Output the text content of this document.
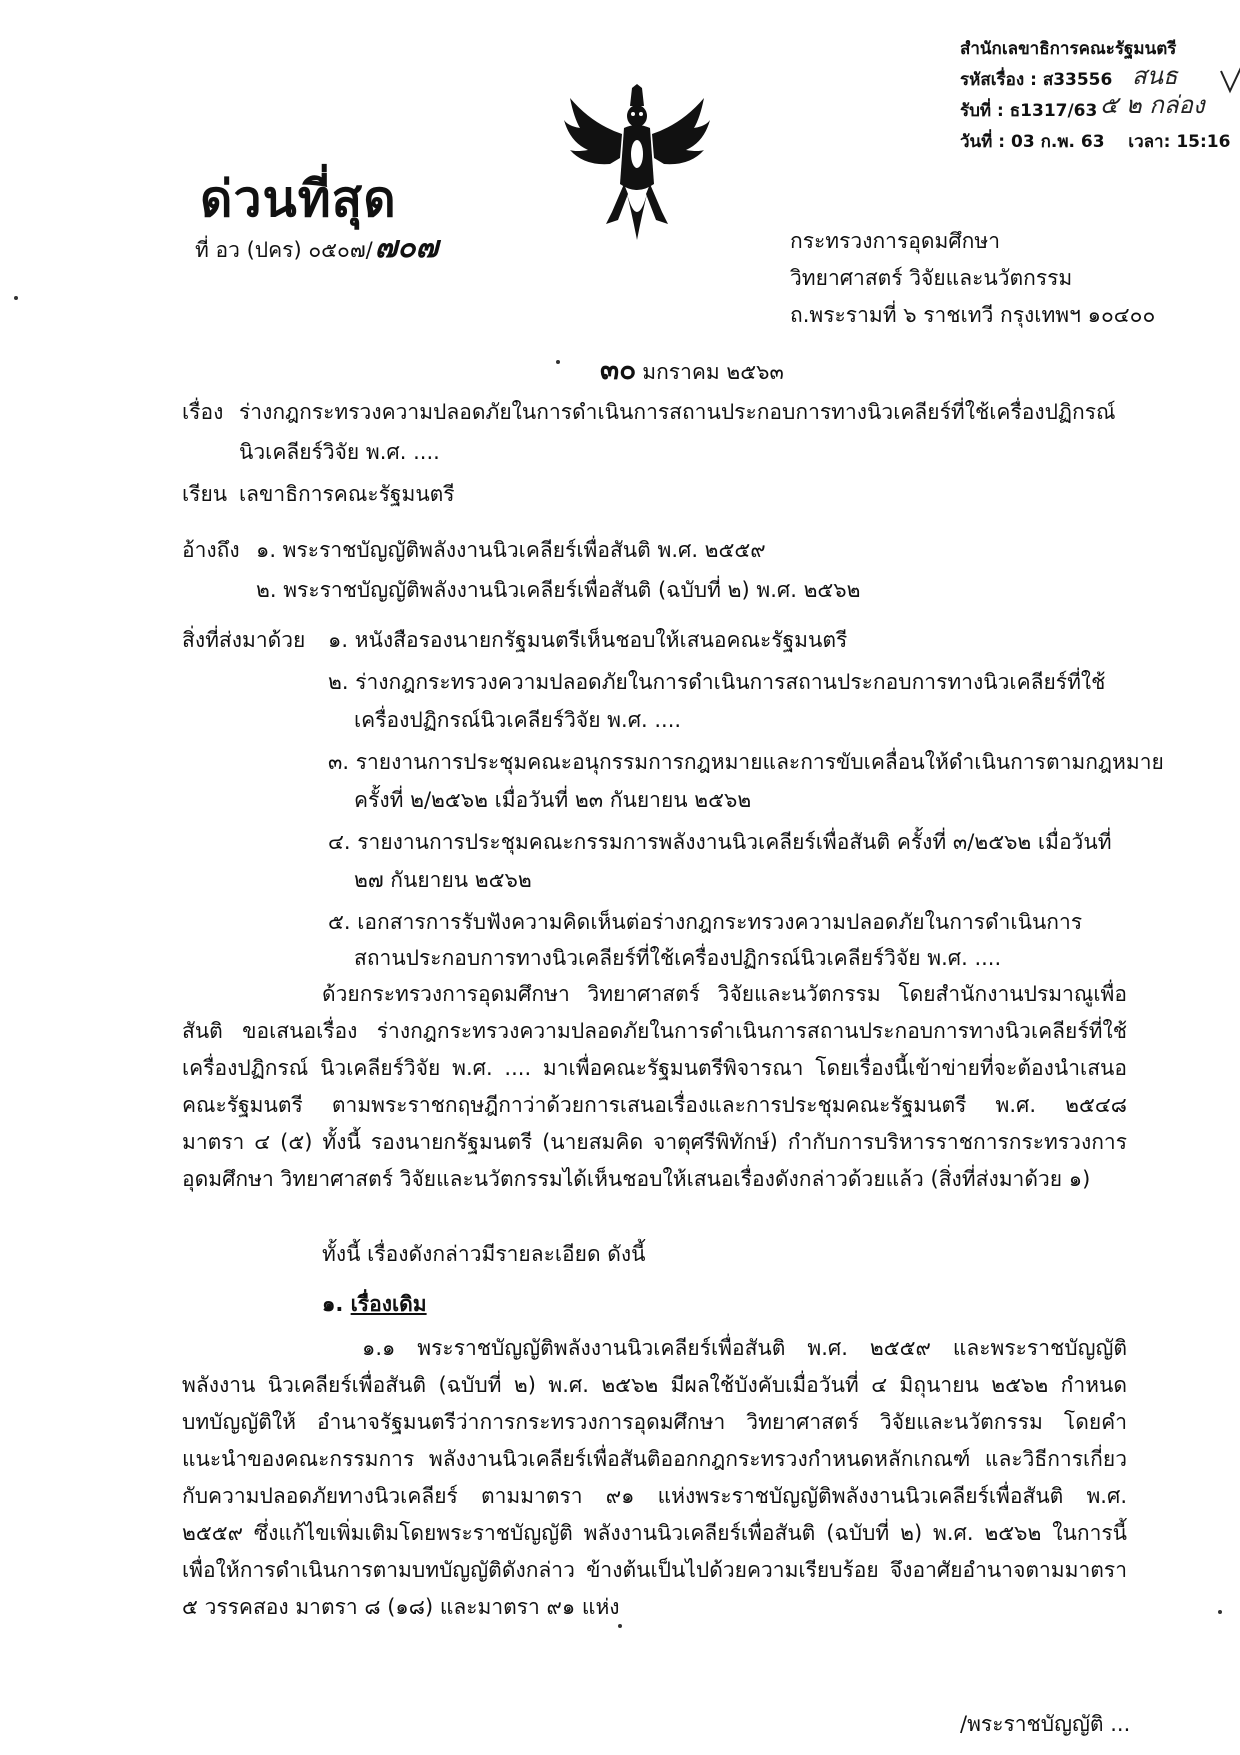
สำนักเลขาธิการคณะรัฐมนตรี
รหัสเรื่อง : ส33556 สนธ
รับที่ : ธ1317/63 ๕ ๒ กล่อง
วันที่ : 03 ก.พ. 63 เวลา: 15:16
ด่วนที่สุด
ที่ อว (ปคร) ๐๕๐๗/๗๐๗	กระทรวงการอุดมศึกษา
วิทยาศาสตร์ วิจัยและนวัตกรรม
ถ.พระรามที่ ๖ ราชเทวี กรุงเทพฯ ๑๐๔๐๐
๓๐ มกราคม ๒๕๖๓
เรื่อง ร่างกฎกระทรวงความปลอดภัยในการดำเนินการสถานประกอบการทางนิวเคลียร์ที่ใช้เครื่องปฏิกรณ์
นิวเคลียร์วิจัย พ.ศ. ....
เรียน เลขาธิการคณะรัฐมนตรี
อ้างถึง ๑. พระราชบัญญัติพลังงานนิวเคลียร์เพื่อสันติ พ.ศ. ๒๕๕๙
๒. พระราชบัญญัติพลังงานนิวเคลียร์เพื่อสันติ (ฉบับที่ ๒) พ.ศ. ๒๕๖๒
สิ่งที่ส่งมาด้วย ๑. หนังสือรองนายกรัฐมนตรีเห็นชอบให้เสนอคณะรัฐมนตรี
๒. ร่างกฎกระทรวงความปลอดภัยในการดำเนินการสถานประกอบการทางนิวเคลียร์ที่ใช้
เครื่องปฏิกรณ์นิวเคลียร์วิจัย พ.ศ. ....
๓. รายงานการประชุมคณะอนุกรรมการกฎหมายและการขับเคลื่อนให้ดำเนินการตามกฎหมาย
ครั้งที่ ๒/๒๕๖๒ เมื่อวันที่ ๒๓ กันยายน ๒๕๖๒
๔. รายงานการประชุมคณะกรรมการพลังงานนิวเคลียร์เพื่อสันติ ครั้งที่ ๓/๒๕๖๒ เมื่อวันที่
๒๗ กันยายน ๒๕๖๒
๕. เอกสารการรับฟังความคิดเห็นต่อร่างกฎกระทรวงความปลอดภัยในการดำเนินการ
สถานประกอบการทางนิวเคลียร์ที่ใช้เครื่องปฏิกรณ์นิวเคลียร์วิจัย พ.ศ. ....
ด้วยกระทรวงการอุดมศึกษา วิทยาศาสตร์ วิจัยและนวัตกรรม โดยสำนักงานปรมาณูเพื่อสันติ ขอเสนอเรื่อง ร่างกฎกระทรวงความปลอดภัยในการดำเนินการสถานประกอบการทางนิวเคลียร์ที่ใช้เครื่องปฏิกรณ์ นิวเคลียร์วิจัย พ.ศ. .... มาเพื่อคณะรัฐมนตรีพิจารณา โดยเรื่องนี้เข้าข่ายที่จะต้องนำเสนอคณะรัฐมนตรี ตามพระราชกฤษฎีกาว่าด้วยการเสนอเรื่องและการประชุมคณะรัฐมนตรี พ.ศ. ๒๕๔๘ มาตรา ๔ (๕) ทั้งนี้ รองนายกรัฐมนตรี (นายสมคิด จาตุศรีพิทักษ์) กำกับการบริหารราชการกระทรวงการอุดมศึกษา วิทยาศาสตร์ วิจัยและนวัตกรรมได้เห็นชอบให้เสนอเรื่องดังกล่าวด้วยแล้ว (สิ่งที่ส่งมาด้วย ๑)
ทั้งนี้ เรื่องดังกล่าวมีรายละเอียด ดังนี้
๑. เรื่องเดิม
๑.๑ พระราชบัญญัติพลังงานนิวเคลียร์เพื่อสันติ พ.ศ. ๒๕๕๙ และพระราชบัญญัติพลังงาน นิวเคลียร์เพื่อสันติ (ฉบับที่ ๒) พ.ศ. ๒๕๖๒ มีผลใช้บังคับเมื่อวันที่ ๔ มิถุนายน ๒๕๖๒ กำหนดบทบัญญัติให้ อำนาจรัฐมนตรีว่าการกระทรวงการอุดมศึกษา วิทยาศาสตร์ วิจัยและนวัตกรรม โดยคำแนะนำของคณะกรรมการ พลังงานนิวเคลียร์เพื่อสันติออกกฎกระทรวงกำหนดหลักเกณฑ์ และวิธีการเกี่ยวกับความปลอดภัยทางนิวเคลียร์ ตามมาตรา ๙๑ แห่งพระราชบัญญัติพลังงานนิวเคลียร์เพื่อสันติ พ.ศ. ๒๕๕๙ ซึ่งแก้ไขเพิ่มเติมโดยพระราชบัญญัติ พลังงานนิวเคลียร์เพื่อสันติ (ฉบับที่ ๒) พ.ศ. ๒๕๖๒ ในการนี้ เพื่อให้การดำเนินการตามบทบัญญัติดังกล่าว ข้างต้นเป็นไปด้วยความเรียบร้อย จึงอาศัยอำนาจตามมาตรา ๕ วรรคสอง มาตรา ๘ (๑๘) และมาตรา ๙๑ แห่ง
/พระราชบัญญัติ ...
